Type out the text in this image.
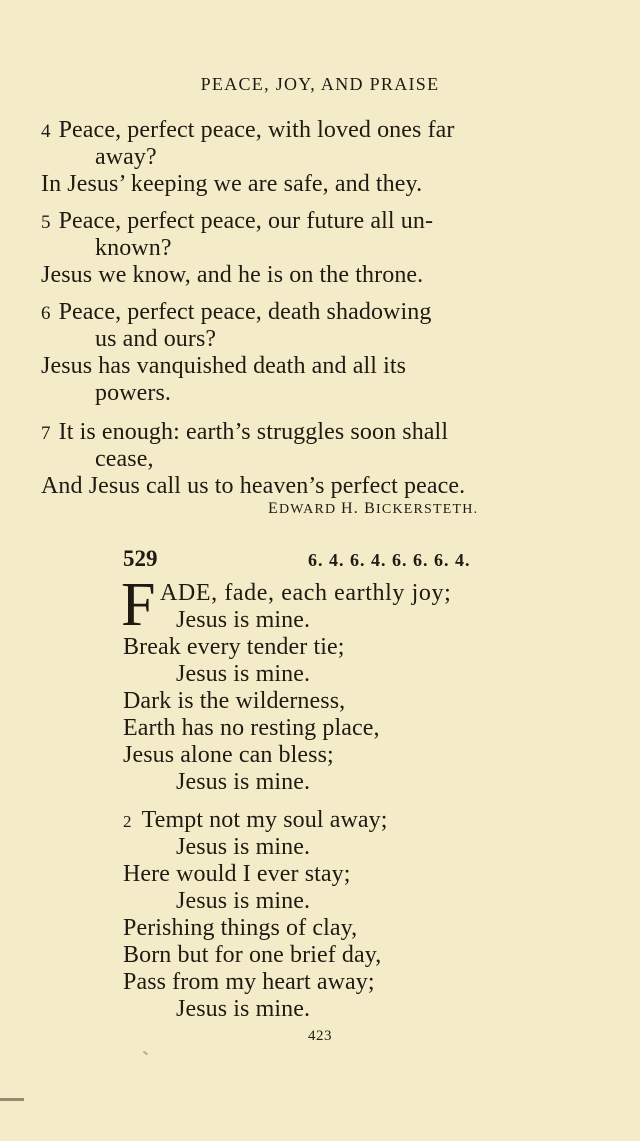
PEACE, JOY, AND PRAISE
4 Peace, perfect peace, with loved ones far
away?
In Jesus’ keeping we are safe, and they.
5 Peace, perfect peace, our future all un-
known?
Jesus we know, and he is on the throne.
6 Peace, perfect peace, death shadowing
us and ours?
Jesus has vanquished death and all its
powers.
7 It is enough: earth’s struggles soon shall
cease,
And Jesus call us to heaven’s perfect peace.
EDWARD H. BICKERSTETH.
529	6. 4. 6. 4. 6. 6. 6. 4.
F ADE, fade, each earthly joy;
Jesus is mine.
Break every tender tie;
Jesus is mine.
Dark is the wilderness,
Earth has no resting place,
Jesus alone can bless;
Jesus is mine.
2 Tempt not my soul away;
Jesus is mine.
Here would I ever stay;
Jesus is mine.
Perishing things of clay,
Born but for one brief day,
Pass from my heart away;
Jesus is mine.
423
